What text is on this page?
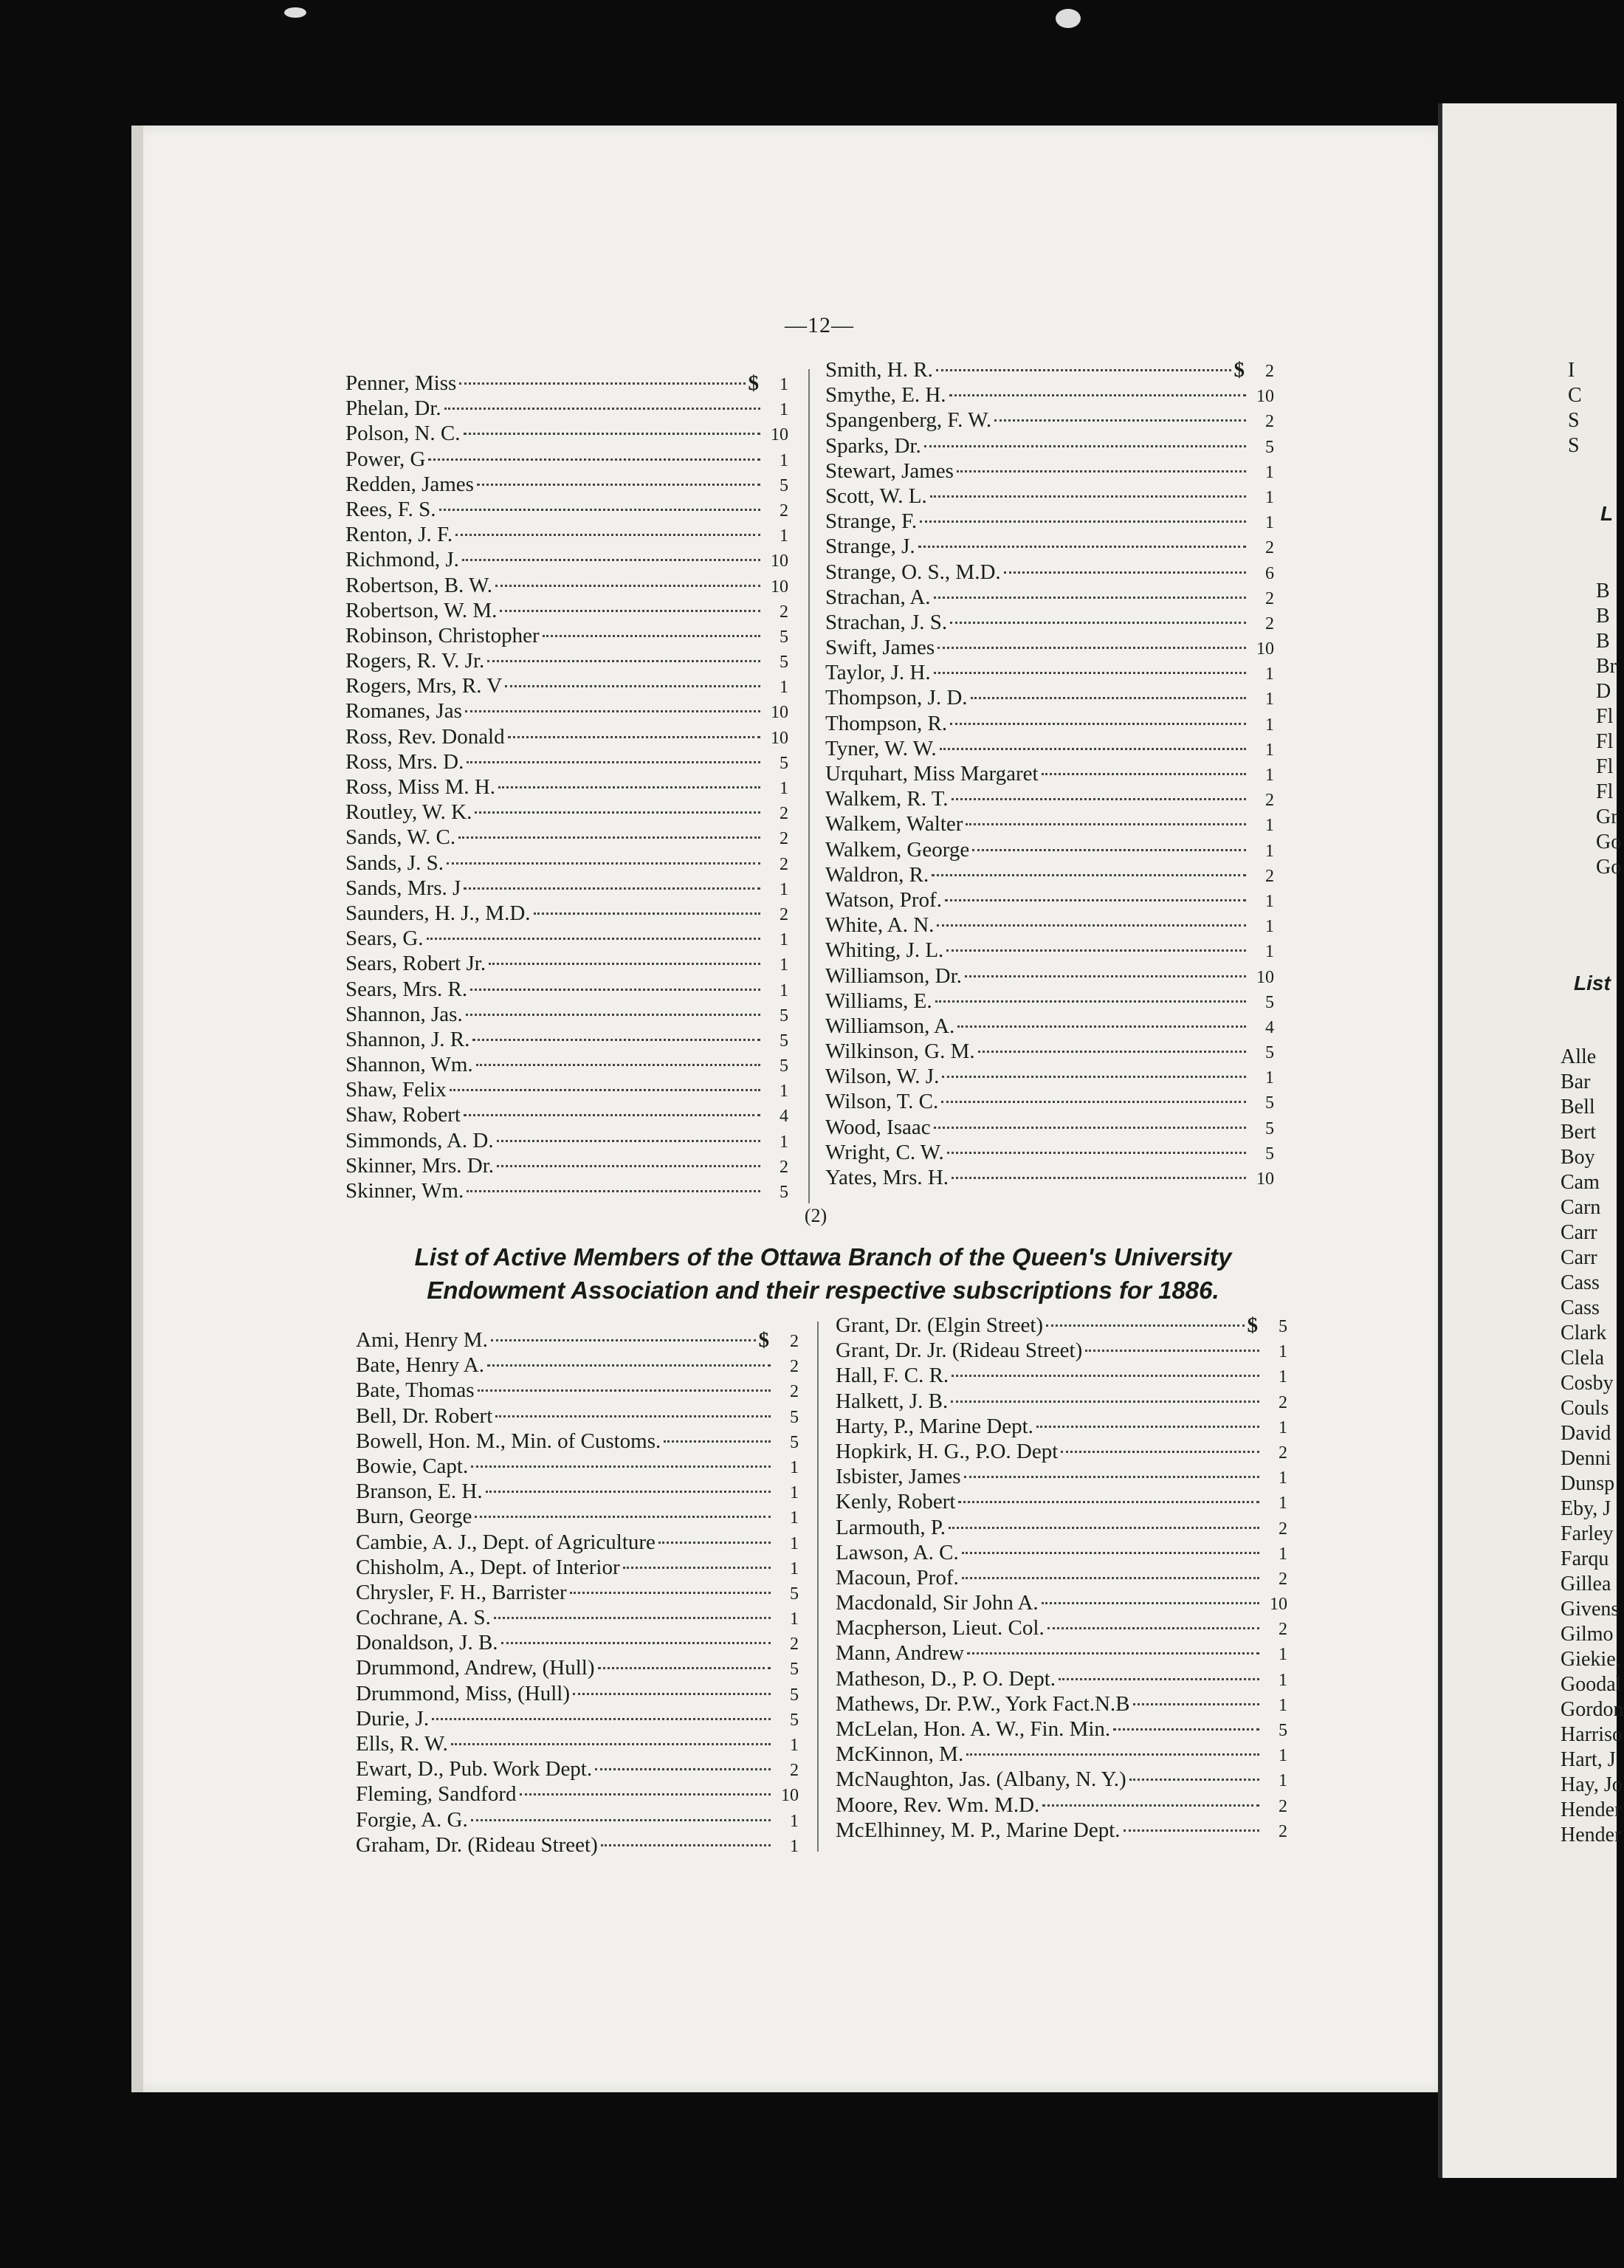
—12—
Penner, Miss	$	1
Phelan, Dr.	1
Polson, N. C.	10
Power, G	1
Redden, James	5
Rees, F. S.	2
Renton, J. F.	1
Richmond, J.	10
Robertson, B. W.	10
Robertson, W. M.	2
Robinson, Christopher	5
Rogers, R. V. Jr.	5
Rogers, Mrs, R. V	1
Romanes, Jas	10
Ross, Rev. Donald	10
Ross, Mrs. D.	5
Ross, Miss M. H.	1
Routley, W. K.	2
Sands, W. C.	2
Sands, J. S.	2
Sands, Mrs. J	1
Saunders, H. J., M.D.	2
Sears, G.	1
Sears, Robert Jr.	1
Sears, Mrs. R.	1
Shannon, Jas.	5
Shannon, J. R.	5
Shannon, Wm.	5
Shaw, Felix	1
Shaw, Robert	4
Simmonds, A. D.	1
Skinner, Mrs. Dr.	2
Skinner, Wm.	5
Smith, H. R.	$	2
Smythe, E. H.	10
Spangenberg, F. W.	2
Sparks, Dr.	5
Stewart, James	1
Scott, W. L.	1
Strange, F.	1
Strange, J.	2
Strange, O. S., M.D.	6
Strachan, A.	2
Strachan, J. S.	2
Swift, James	10
Taylor, J. H.	1
Thompson, J. D.	1
Thompson, R.	1
Tyner, W. W.	1
Urquhart, Miss Margaret	1
Walkem, R. T.	2
Walkem, Walter	1
Walkem, George	1
Waldron, R.	2
Watson, Prof.	1
White, A. N.	1
Whiting, J. L.	1
Williamson, Dr.	10
Williams, E.	5
Williamson, A.	4
Wilkinson, G. M.	5
Wilson, W. J.	1
Wilson, T. C.	5
Wood, Isaac	5
Wright, C. W.	5
Yates, Mrs. H.	10
(2)
List of Active Members of the Ottawa Branch of the Queen's University Endowment Association and their respective subscriptions for 1886.
Ami, Henry M.	$	2
Bate, Henry A.	2
Bate, Thomas	2
Bell, Dr. Robert	5
Bowell, Hon. M., Min. of Customs.	5
Bowie, Capt.	1
Branson, E. H.	1
Burn, George	1
Cambie, A. J., Dept. of Agriculture	1
Chisholm, A., Dept. of Interior	1
Chrysler, F. H., Barrister	5
Cochrane, A. S.	1
Donaldson, J. B.	2
Drummond, Andrew, (Hull)	5
Drummond, Miss, (Hull)	5
Durie, J.	5
Ells, R. W.	1
Ewart, D., Pub. Work Dept.	2
Fleming, Sandford	10
Forgie, A. G.	1
Graham, Dr. (Rideau Street)	1
Grant, Dr. (Elgin Street)	$	5
Grant, Dr. Jr. (Rideau Street)	1
Hall, F. C. R.	1
Halkett, J. B.	2
Harty, P., Marine Dept.	1
Hopkirk, H. G., P.O. Dept	2
Isbister, James	1
Kenly, Robert	1
Larmouth, P.	2
Lawson, A. C.	1
Macoun, Prof.	2
Macdonald, Sir John A.	10
Macpherson, Lieut. Col.	2
Mann, Andrew	1
Matheson, D., P. O. Dept.	1
Mathews, Dr. P.W., York Fact.N.B	1
McLelan, Hon. A. W., Fin. Min.	5
McKinnon, M.	1
McNaughton, Jas. (Albany, N. Y.)	1
Moore, Rev. Wm. M.D.	2
McElhinney, M. P., Marine Dept.	2
I
C
S
S
L
B
B
B
Br
D
Fl
Fl
Fl
Fl
Gr
Go
Go
List
Alle
Bar
Bell
Bert
Boy
Cam
Carn
Carr
Carr
Cass
Cass
Clark
Clela
Cosby
Couls
David
Denni
Dunsp
Eby, J
Farley
Farqu
Gillea
Givens
Gilmo
Giekie,
Goodal
Gordon
Harriso
Hart, J
Hay, Jo
Hender
Hender
